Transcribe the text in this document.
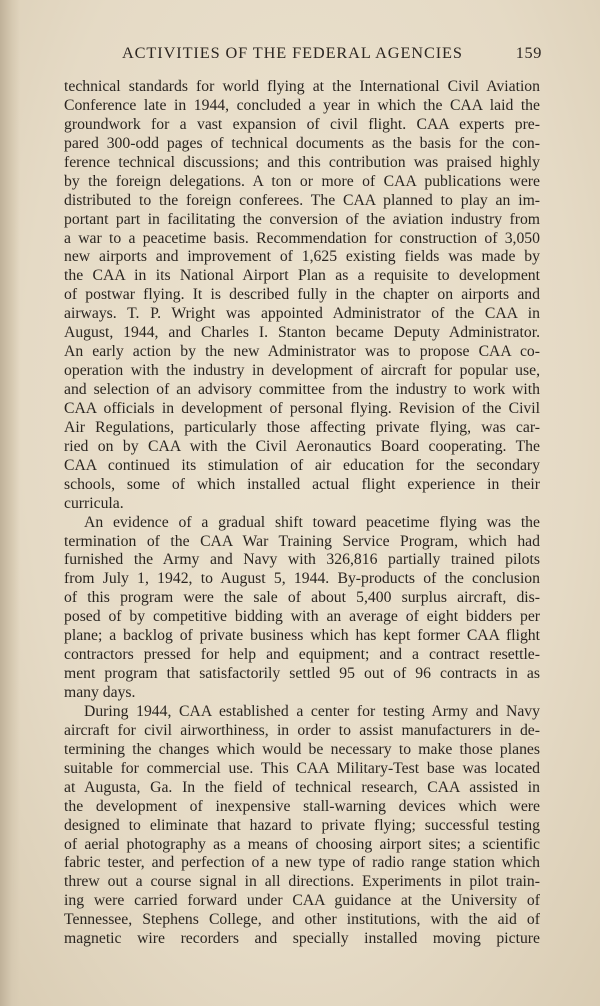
ACTIVITIES OF THE FEDERAL AGENCIES	159
technical standards for world flying at the International Civil Aviation
Conference late in 1944, concluded a year in which the CAA laid the
groundwork for a vast expansion of civil flight. CAA experts pre-
pared 300-odd pages of technical documents as the basis for the con-
ference technical discussions; and this contribution was praised highly
by the foreign delegations. A ton or more of CAA publications were
distributed to the foreign conferees. The CAA planned to play an im-
portant part in facilitating the conversion of the aviation industry from
a war to a peacetime basis. Recommendation for construction of 3,050
new airports and improvement of 1,625 existing fields was made by
the CAA in its National Airport Plan as a requisite to development
of postwar flying. It is described fully in the chapter on airports and
airways. T. P. Wright was appointed Administrator of the CAA in
August, 1944, and Charles I. Stanton became Deputy Administrator.
An early action by the new Administrator was to propose CAA co-
operation with the industry in development of aircraft for popular use,
and selection of an advisory committee from the industry to work with
CAA officials in development of personal flying. Revision of the Civil
Air Regulations, particularly those affecting private flying, was car-
ried on by CAA with the Civil Aeronautics Board cooperating. The
CAA continued its stimulation of air education for the secondary
schools, some of which installed actual flight experience in their
curricula.
An evidence of a gradual shift toward peacetime flying was the
termination of the CAA War Training Service Program, which had
furnished the Army and Navy with 326,816 partially trained pilots
from July 1, 1942, to August 5, 1944. By-products of the conclusion
of this program were the sale of about 5,400 surplus aircraft, dis-
posed of by competitive bidding with an average of eight bidders per
plane; a backlog of private business which has kept former CAA flight
contractors pressed for help and equipment; and a contract resettle-
ment program that satisfactorily settled 95 out of 96 contracts in as
many days.
During 1944, CAA established a center for testing Army and Navy
aircraft for civil airworthiness, in order to assist manufacturers in de-
termining the changes which would be necessary to make those planes
suitable for commercial use. This CAA Military-Test base was located
at Augusta, Ga. In the field of technical research, CAA assisted in
the development of inexpensive stall-warning devices which were
designed to eliminate that hazard to private flying; successful testing
of aerial photography as a means of choosing airport sites; a scientific
fabric tester, and perfection of a new type of radio range station which
threw out a course signal in all directions. Experiments in pilot train-
ing were carried forward under CAA guidance at the University of
Tennessee, Stephens College, and other institutions, with the aid of
magnetic wire recorders and specially installed moving picture
